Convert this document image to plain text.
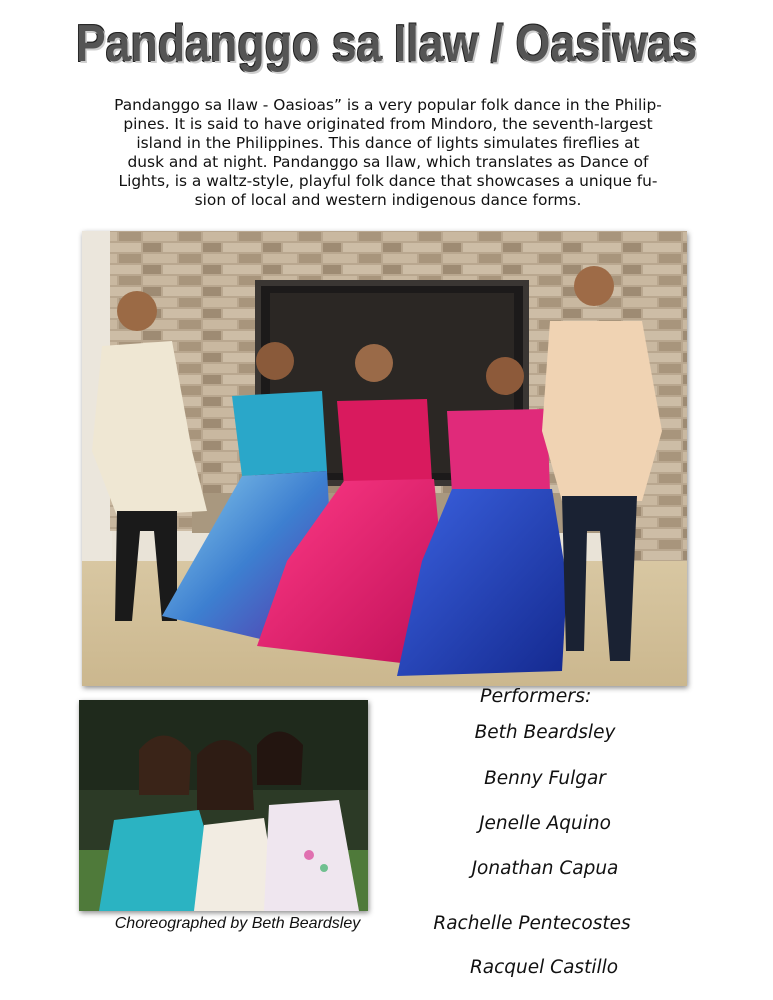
Pandanggo sa Ilaw / Oasiwas
Pandanggo sa Ilaw - Oasioas” is a very popular folk dance in the Philip-
pines. It is said to have originated from Mindoro, the seventh-largest
island in the Philippines. This dance of lights simulates fireflies at
dusk and at night. Pandanggo sa Ilaw, which translates as Dance of
Lights, is a waltz-style, playful folk dance that showcases a unique fu-
sion of local and western indigenous dance forms.
Choreographed by Beth Beardsley
Performers:
Beth Beardsley
Benny Fulgar
Jenelle Aquino
Jonathan Capua
Rachelle Pentecostes
Racquel Castillo
